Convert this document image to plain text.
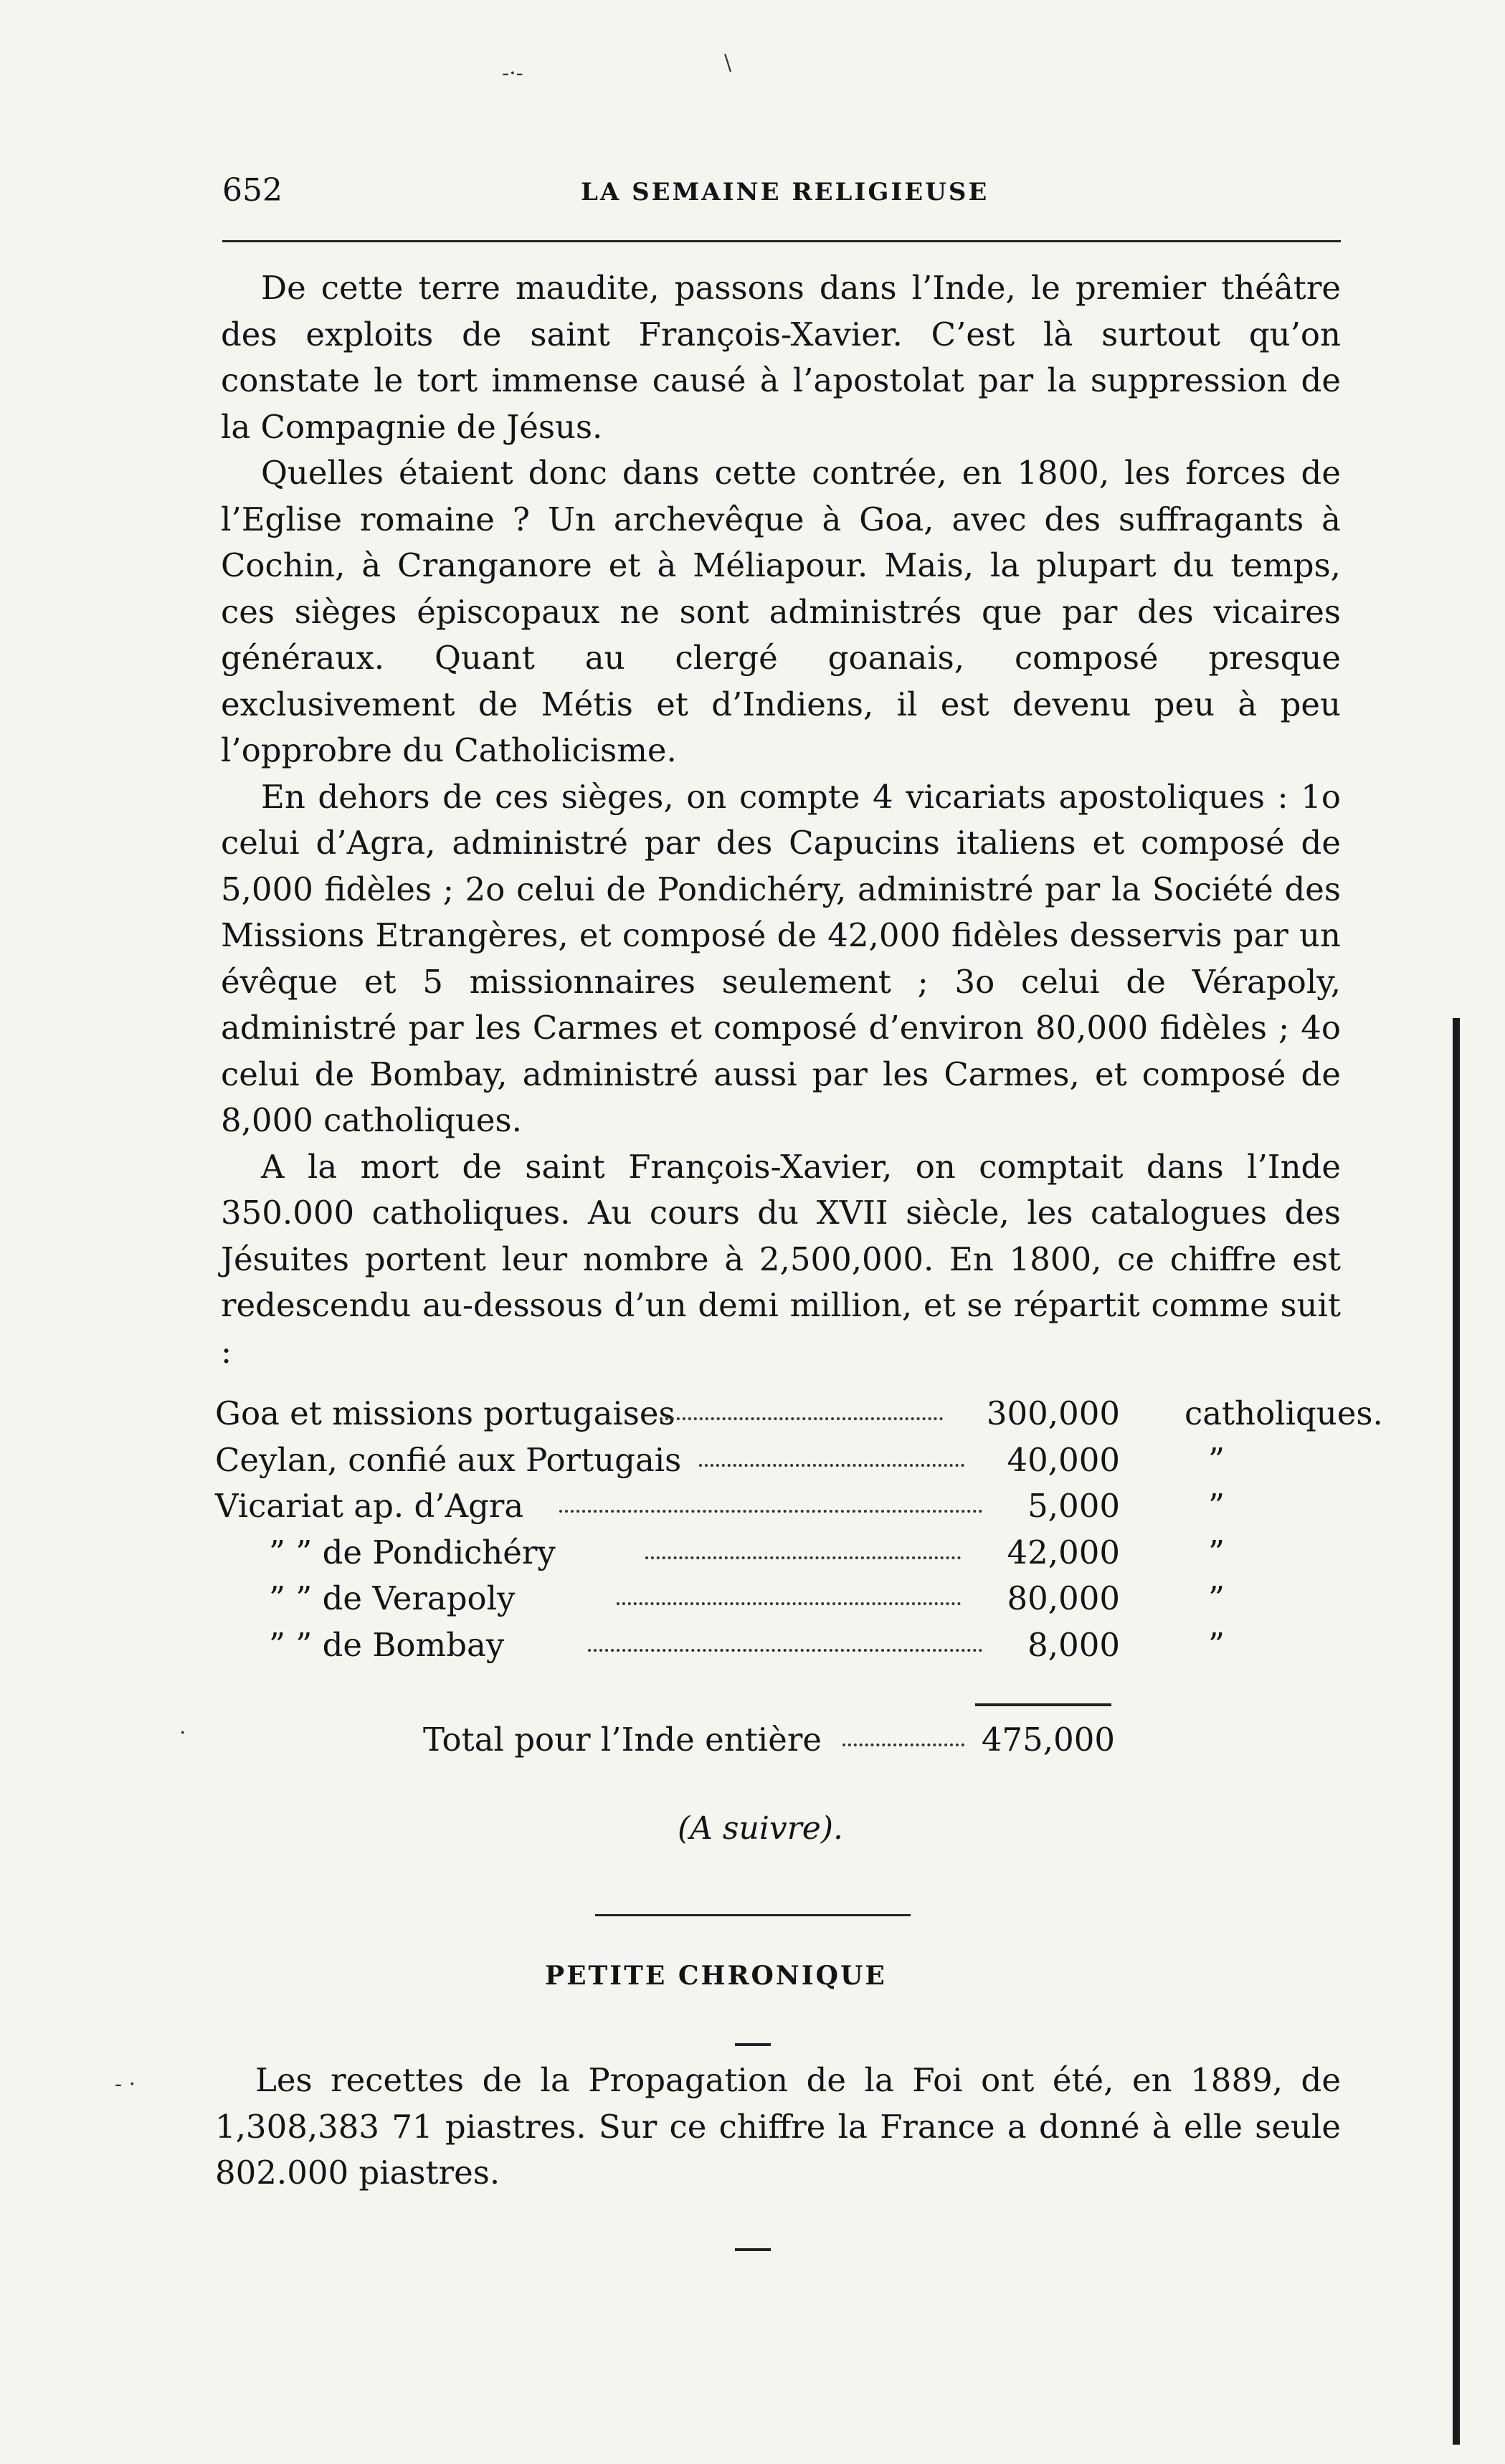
652	LA SEMAINE RELIGIEUSE

De cette terre maudite, passons dans l’Inde, le premier théâtre des exploits de saint François-Xavier. C’est là surtout qu’on constate le tort immense causé à l’apostolat par la suppression de la Compagnie de Jésus.

Quelles étaient donc dans cette contrée, en 1800, les forces de l’Eglise romaine ? Un archevêque à Goa, avec des suffragants à Cochin, à Cranganore et à Méliapour. Mais, la plupart du temps, ces sièges épiscopaux ne sont administrés que par des vicaires généraux. Quant au clergé goanais, composé presque exclusivement de Métis et d’Indiens, il est devenu peu à peu l’opprobre du Catholicisme.

En dehors de ces sièges, on compte 4 vicariats apostoliques : 1o celui d’Agra, administré par des Capucins italiens et composé de 5,000 fidèles ; 2o celui de Pondichéry, administré par la Société des Missions Etrangères, et composé de 42,000 fidèles desservis par un évêque et 5 missionnaires seulement ; 3o celui de Vérapoly, administré par les Carmes et composé d’environ 80,000 fidèles ; 4o celui de Bombay, administré aussi par les Carmes, et composé de 8,000 catholiques.

A la mort de saint François-Xavier, on comptait dans l’Inde 350.000 catholiques. Au cours du XVII siècle, les catalogues des Jésuites portent leur nombre à 2,500,000. En 1800, ce chiffre est redescendu au-dessous d’un demi million, et se répartit comme suit :

Goa et missions portugaises	300,000 catholiques.
Ceylan, confié aux Portugais	40,000	”
Vicariat ap. d’Agra	5,000	”
” ” de Pondichéry	42,000	”
” ” de Verapoly	80,000	”
” ” de Bombay	8,000	”
Total pour l’Inde entière	475,000
(A suivre).
PETITE CHRONIQUE

Les recettes de la Propagation de la Foi ont été, en 1889, de 1,308,383 71 piastres. Sur ce chiffre la France a donné à elle seule 802.000 piastres.

-·-	\
·
- ·
